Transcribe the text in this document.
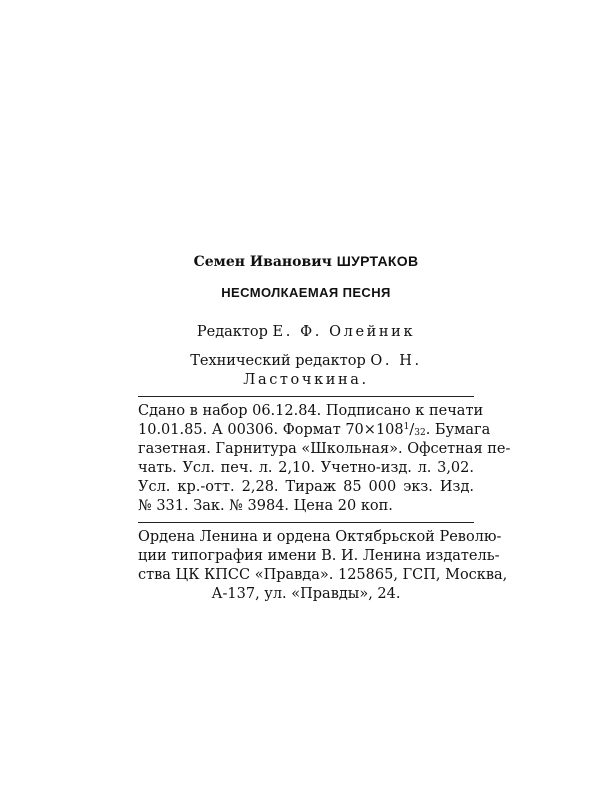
Семен Иванович ШУРТАКОВ

НЕСМОЛКАЕМАЯ ПЕСНЯ

Редактор Е. Ф. Олейник

Технический редактор О. Н. Ласточкина.

Сдано в набор 06.12.84. Подписано к печати
10.01.85. А 00306. Формат $70\times 108^1/_{32}$. Бумага
газетная. Гарнитура «Школьная». Офсетная пе-
чать. Усл. печ. л. 2,10. Учетно-изд. л. 3,02.
Усл. кр.-отт. 2,28. Тираж 85 000 экз. Изд.
№ 331. Зак. № 3984. Цена 20 коп.
Ордена Ленина и ордена Октябрьской Револю-
ции типография имени В. И. Ленина издатель-
ства ЦК КПСС «Правда». 125865, ГСП, Москва,
А-137, ул. «Правды», 24.
